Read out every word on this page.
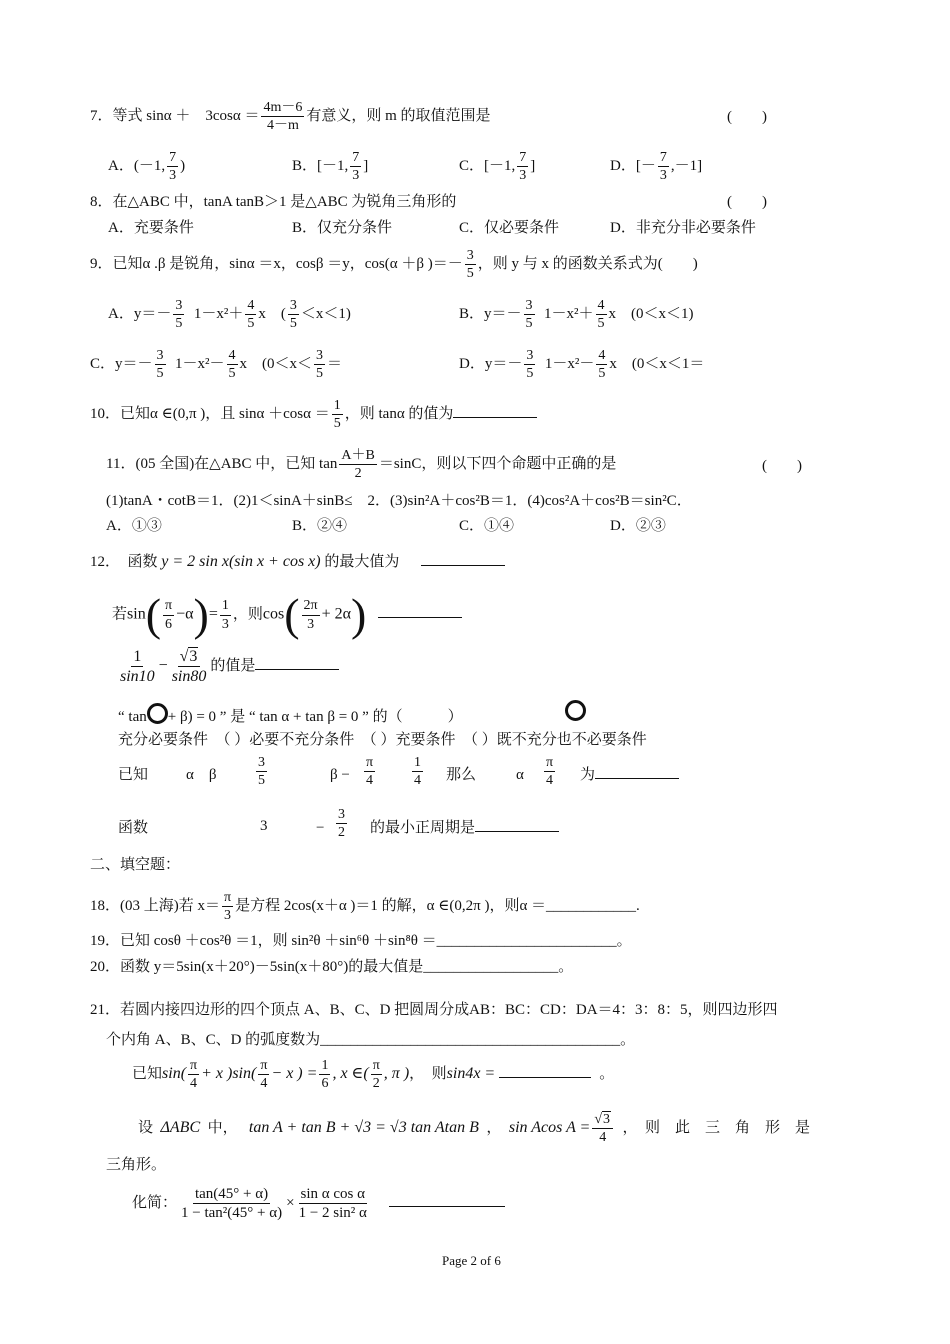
7．等式 sinα ＋　$3\cos\alpha = \frac{4m-6}{4-m}$ 有意义，则 m 的取值范围是	(　　)
A．(－1, $\frac{7}{3}$ )	B．[－1, $\frac{7}{3}$ ]	C．[－1, $\frac{7}{3}$ ]	D．[－ $\frac{7}{3} ,-1$]
8．在△ABC 中，tanA tanB＞1 是△ABC 为锐角三角形的	(　　)
A．充要条件	B．仅充分条件	C．仅必要条件	D．非充分非必要条件
9．已知α .β 是锐角，sinα ＝x，cosβ ＝y，cos(α ＋β )＝－ $\frac{3}{5}$ ，则 y 与 x 的函数关系式为(　　)
A．$y=- \frac{3}{5} 1-x^2+ \frac{4}{5}$ x　( $\frac{3}{5} <x<1$)	B．$y=- \frac{3}{5} 1-x^2+ \frac{4}{5}$ x　(0＜x＜1)
C．$y=- \frac{3}{5} 1-x^2- \frac{4}{5}$ x　($0<x< \frac{3}{5}$ ＝	D．$y=- \frac{3}{5} 1-x^2- \frac{4}{5}$ x　(0＜x＜1＝
10．已知α ∈(0,π )，且 $\sin\alpha +\cos\alpha = \frac{1}{5}$ ，则 tanα 的值为
11．(05 全国)在△ABC 中，已知 $\tan \frac{A+B}{2} =\sin C$，则以下四个命题中正确的是	(　　)
(1)tanA・cotB＝1．(2)1＜sinA＋sinB≤　2．(3)sin²A＋cos²B＝1．(4)cos²A＋cos²B＝sin²C．
A．①③	B．②④	C．①④	D．②③
12．　函数 y = 2 sin x(sin x + cos x) 的最大值为
若$\sin( \frac{\pi}{6} -\alpha)= \frac{1}{3}$ ，则$\cos( \frac{2\pi}{3} + 2\alpha)$
$\frac{1}{\sin 10} - \frac{√3}{\sin 80}$ 的值是
“ tan○+ β) = 0 ” 是 “ tan α + tan β = 0 ” 的（　　　）
充分必要条件　（ ）必要不充分条件　（ ）充要条件　（ ）既不充分也不必要条件
已知	α　β	$\frac{3}{5}$	$\beta - \frac{\pi}{4}$	$\frac{1}{4}$ 那么	α $\frac{\pi}{4}$ 为
函数	3	− $\frac{3}{2}$ 的最小正周期是
二、填空题：
18．(03 上海)若 $x= \frac{\pi}{3}$ 是方程 2cos(x＋α )＝1 的解，α ∈(0,2π )，则α ＝____________.
19．已知 cosθ ＋cos²θ ＝1，则 sin²θ ＋sin⁶θ ＋sin⁸θ ＝________________________。
20．函数 y＝5sin(x＋20°)－5sin(x＋80°)的最大值是__________________。
21．若圆内接四边形的四个顶点 A、B、C、D 把圆周分成AB：BC：CD：DA＝4：3：8：5，则四边形四
个内角 A、B、C、D 的弧度数为________________________________________。
已知$\sin( \frac{\pi}{4} + x$ )$\sin( \frac{\pi}{4} - x$ ) = $\frac{1}{6}$ , x ∈( $\frac{\pi}{2}$ , π )，　则sin4x =	。
设 ΔABC 中， tan A + tan B + √3 = √3 tan Atan B ， sin Acos $A = \frac{√3}{4}$ ，　则　此　三　角　形　是
三角形。
化简： $\frac{\tan(45^\circ + \alpha)}{\text{1 − tan²(45° + α)}} \times \frac{\text{sin α cos α}}{\text{1 − 2 sin² α}}$
Page 2 of 6
